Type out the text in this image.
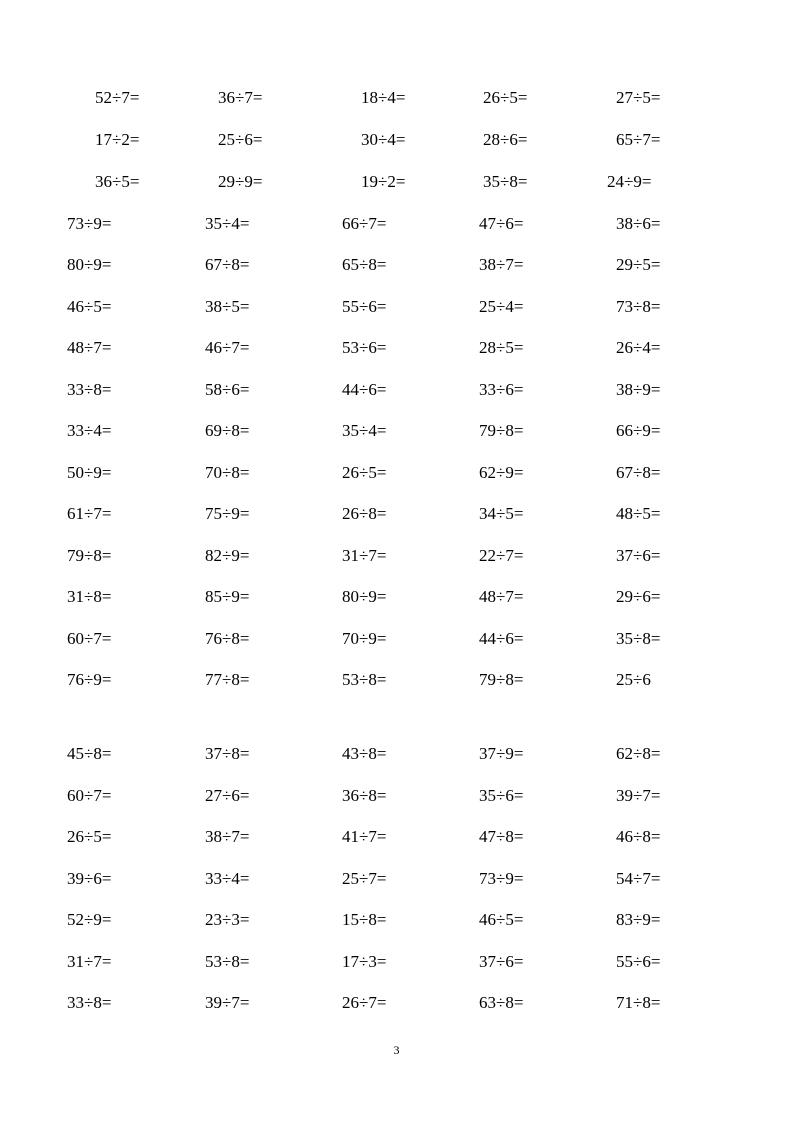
52÷7=	36÷7=	18÷4=	26÷5=	27÷5=
17÷2=	25÷6=	30÷4=	28÷6=	65÷7=
36÷5=	29÷9=	19÷2=	35÷8=	24÷9=
73÷9=	35÷4=	66÷7=	47÷6=	38÷6=
80÷9=	67÷8=	65÷8=	38÷7=	29÷5=
46÷5=	38÷5=	55÷6=	25÷4=	73÷8=
48÷7=	46÷7=	53÷6=	28÷5=	26÷4=
33÷8=	58÷6=	44÷6=	33÷6=	38÷9=
33÷4=	69÷8=	35÷4=	79÷8=	66÷9=
50÷9=	70÷8=	26÷5=	62÷9=	67÷8=
61÷7=	75÷9=	26÷8=	34÷5=	48÷5=
79÷8=	82÷9=	31÷7=	22÷7=	37÷6=
31÷8=	85÷9=	80÷9=	48÷7=	29÷6=
60÷7=	76÷8=	70÷9=	44÷6=	35÷8=
76÷9=	77÷8=	53÷8=	79÷8=	25÷6
45÷8=	37÷8=	43÷8=	37÷9=	62÷8=
60÷7=	27÷6=	36÷8=	35÷6=	39÷7=
26÷5=	38÷7=	41÷7=	47÷8=	46÷8=
39÷6=	33÷4=	25÷7=	73÷9=	54÷7=
52÷9=	23÷3=	15÷8=	46÷5=	83÷9=
31÷7=	53÷8=	17÷3=	37÷6=	55÷6=
33÷8=	39÷7=	26÷7=	63÷8=	71÷8=
3
